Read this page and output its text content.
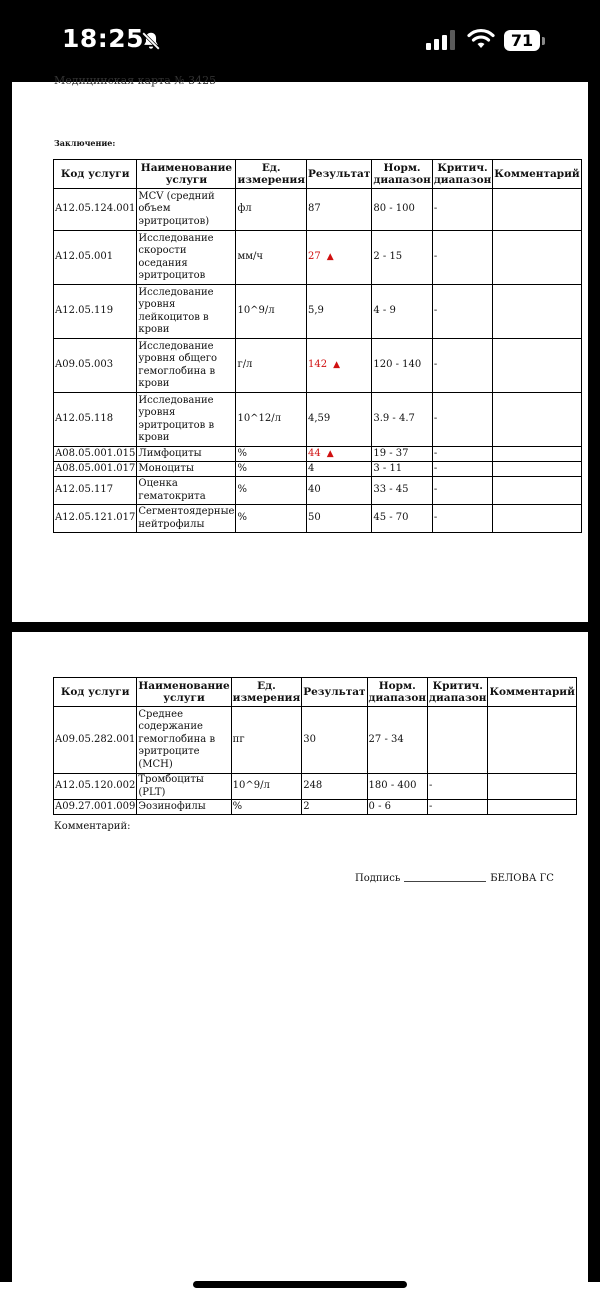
18:25	71
Медицинская карта № 3425
Заключение:
Код услуги	Наименование услуги	Ед. измерения	Результат	Норм. диапазон	Критич. диапазон	Комментарий
A12.05.124.001	MCV (средний объем эритроцитов)	фл	87	80 - 100	-	
A12.05.001	Исследование скорости оседания эритроцитов	мм/ч	27 ▲	2 - 15	-	
A12.05.119	Исследование уровня лейкоцитов в крови	10^9/л	5,9	4 - 9	-	
A09.05.003	Исследование уровня общего гемоглобина в крови	г/л	142 ▲	120 - 140	-	
A12.05.118	Исследование уровня эритроцитов в крови	10^12/л	4,59	3.9 - 4.7	-	
A08.05.001.015	Лимфоциты	%	44 ▲	19 - 37	-	
A08.05.001.017	Моноциты	%	4	3 - 11	-	
A12.05.117	Оценка гематокрита	%	40	33 - 45	-	
A12.05.121.017	Сегментоядерные нейтрофилы	%	50	45 - 70	-	
Код услуги	Наименование услуги	Ед. измерения	Результат	Норм. диапазон	Критич. диапазон	Комментарий
A09.05.282.001	Среднее содержание гемоглобина в эритроците (MCH)	пг	30	27 - 34		
A12.05.120.002	Тромбоциты (PLT)	10^9/л	248	180 - 400	-	
A09.27.001.009	Эозинофилы	%	2	0 - 6	-	
Комментарий:
Подпись	БЕЛОВА ГС
